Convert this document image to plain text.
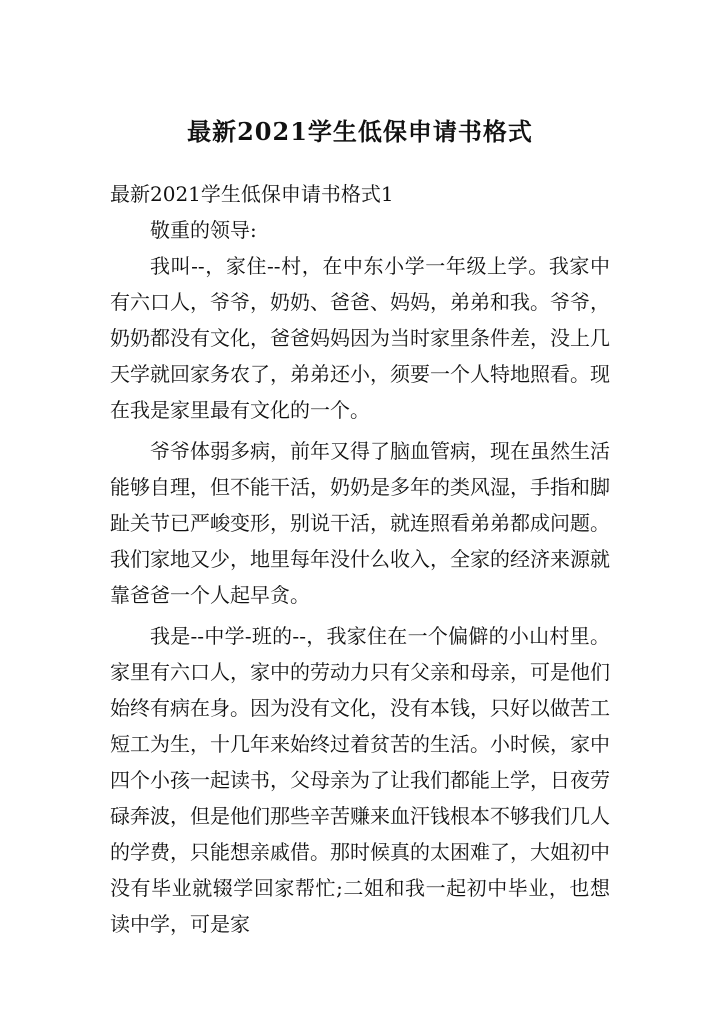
最新2021学生低保申请书格式

最新2021学生低保申请书格式1

敬重的领导:

我叫--，家住--村，在中东小学一年级上学。我家中有六口人，爷爷，奶奶、爸爸、妈妈，弟弟和我。爷爷，奶奶都没有文化，爸爸妈妈因为当时家里条件差，没上几天学就回家务农了，弟弟还小，须要一个人特地照看。现在我是家里最有文化的一个。

爷爷体弱多病，前年又得了脑血管病，现在虽然生活能够自理，但不能干活，奶奶是多年的类风湿，手指和脚趾关节已严峻变形，别说干活，就连照看弟弟都成问题。我们家地又少，地里每年没什么收入，全家的经济来源就靠爸爸一个人起早贪。

我是--中学-班的--，我家住在一个偏僻的小山村里。家里有六口人，家中的劳动力只有父亲和母亲，可是他们始终有病在身。因为没有文化，没有本钱，只好以做苦工短工为生，十几年来始终过着贫苦的生活。小时候，家中四个小孩一起读书，父母亲为了让我们都能上学，日夜劳碌奔波，但是他们那些辛苦赚来血汗钱根本不够我们几人的学费，只能想亲戚借。那时候真的太困难了，大姐初中没有毕业就辍学回家帮忙;二姐和我一起初中毕业，也想读中学，可是家
